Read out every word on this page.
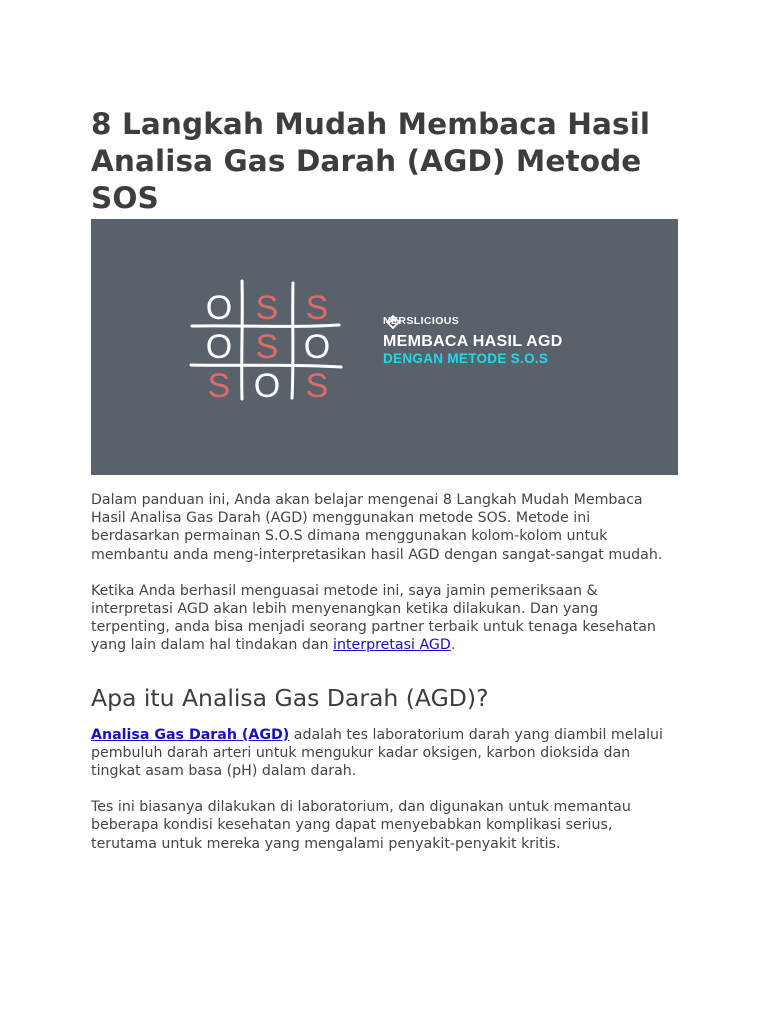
8 Langkah Mudah Membaca Hasil Analisa Gas Darah (AGD) Metode SOS
O S S
O S O
S O S
NERSLICIOUS
MEMBACA HASIL AGD
DENGAN METODE S.O.S

Dalam panduan ini, Anda akan belajar mengenai 8 Langkah Mudah Membaca Hasil Analisa Gas Darah (AGD) menggunakan metode SOS. Metode ini berdasarkan permainan S.O.S dimana menggunakan kolom-kolom untuk membantu anda meng-interpretasikan hasil AGD dengan sangat-sangat mudah.

Ketika Anda berhasil menguasai metode ini, saya jamin pemeriksaan & interpretasi AGD akan lebih menyenangkan ketika dilakukan. Dan yang terpenting, anda bisa menjadi seorang partner terbaik untuk tenaga kesehatan yang lain dalam hal tindakan dan interpretasi AGD.

Apa itu Analisa Gas Darah (AGD)?

Analisa Gas Darah (AGD) adalah tes laboratorium darah yang diambil melalui pembuluh darah arteri untuk mengukur kadar oksigen, karbon dioksida dan tingkat asam basa (pH) dalam darah.

Tes ini biasanya dilakukan di laboratorium, dan digunakan untuk memantau beberapa kondisi kesehatan yang dapat menyebabkan komplikasi serius, terutama untuk mereka yang mengalami penyakit-penyakit kritis.
